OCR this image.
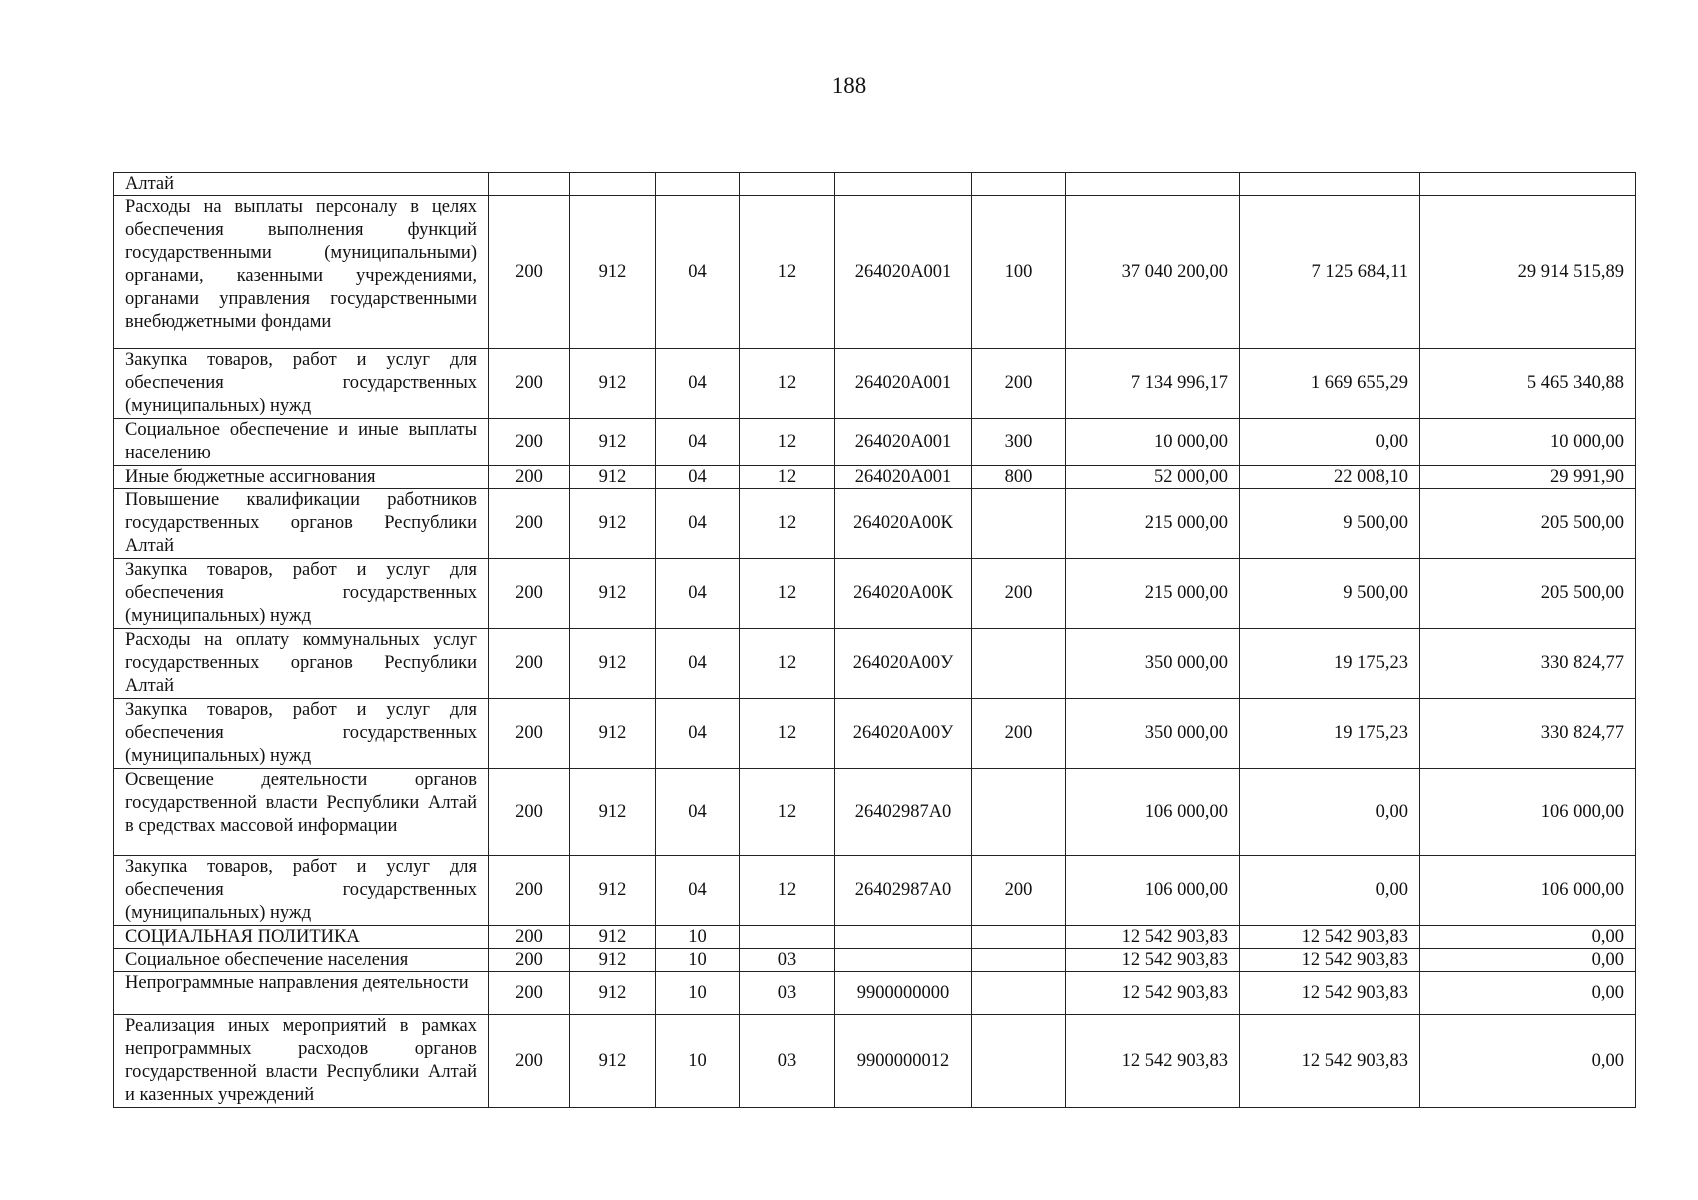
188
Алтай									
Расходы на выплаты персоналу в целях обеспечения выполнения функций государственными (муниципальными) органами, казенными учреждениями, органами управления государственными внебюджетными фондами	200	912	04	12	264020А001	100	37 040 200,00	7 125 684,11	29 914 515,89
Закупка товаров, работ и услуг для обеспечения государственных (муниципальных) нужд	200	912	04	12	264020А001	200	7 134 996,17	1 669 655,29	5 465 340,88
Социальное обеспечение и иные выплаты населению	200	912	04	12	264020А001	300	10 000,00	0,00	10 000,00
Иные бюджетные ассигнования	200	912	04	12	264020А001	800	52 000,00	22 008,10	29 991,90
Повышение квалификации работников государственных органов Республики Алтай	200	912	04	12	264020А00К		215 000,00	9 500,00	205 500,00
Закупка товаров, работ и услуг для обеспечения государственных (муниципальных) нужд	200	912	04	12	264020А00К	200	215 000,00	9 500,00	205 500,00
Расходы на оплату коммунальных услуг государственных органов Республики Алтай	200	912	04	12	264020А00У		350 000,00	19 175,23	330 824,77
Закупка товаров, работ и услуг для обеспечения государственных (муниципальных) нужд	200	912	04	12	264020А00У	200	350 000,00	19 175,23	330 824,77
Освещение деятельности органов государственной власти Республики Алтай в средствах массовой информации	200	912	04	12	26402987А0		106 000,00	0,00	106 000,00
Закупка товаров, работ и услуг для обеспечения государственных (муниципальных) нужд	200	912	04	12	26402987А0	200	106 000,00	0,00	106 000,00
СОЦИАЛЬНАЯ ПОЛИТИКА	200	912	10				12 542 903,83	12 542 903,83	0,00
Социальное обеспечение населения	200	912	10	03			12 542 903,83	12 542 903,83	0,00
Непрограммные направления деятельности	200	912	10	03	9900000000		12 542 903,83	12 542 903,83	0,00
Реализация иных мероприятий в рамках непрограммных расходов органов государственной власти Республики Алтай и казенных учреждений	200	912	10	03	9900000012		12 542 903,83	12 542 903,83	0,00
